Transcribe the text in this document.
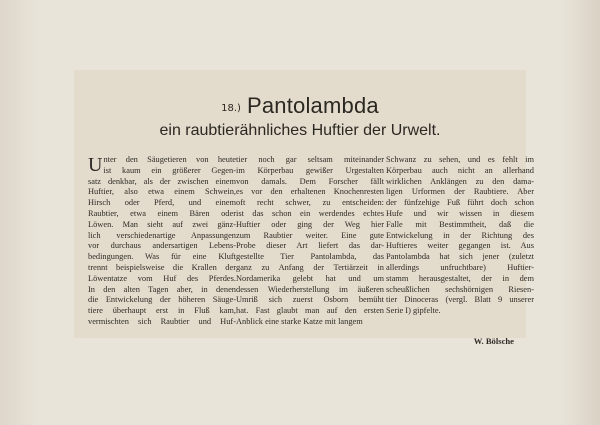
18.) Pantolambda
ein raubtierähnliches Huftier der Urwelt.
U nter den Säugetieren von heute
ist kaum ein größerer Gegen-
satz denkbar, als der zwischen einem
Huftier, also etwa einem Schwein,
Hirsch oder Pferd, und einem
Raubtier, etwa einem Bären oder
Löwen. Man sieht auf zwei gänz-
lich verschiedenartige Anpassungen
vor durchaus andersartigen Lebens-
bedingungen. Was für eine Kluft
trennt beispielsweise die Krallen der
Löwentatze vom Huf des Pferdes.
In den alten Tagen aber, in denen
die Entwickelung der höheren Säuge-
tiere überhaupt erst in Fluß kam,
vermischten sich Raubtier und Huf-
tier noch gar seltsam miteinander
im Körperbau gewißer Urgestalten
von damals. Dem Forscher fällt
es vor den erhaltenen Knochenresten
oft recht schwer, zu entscheiden:
ist das schon ein werdendes echtes
Huftier oder ging der Weg hier
zum Raubtier weiter. Eine gute
Probe dieser Art liefert das dar-
gestellte Tier Pantolambda, das
ganz zu Anfang der Tertiärzeit in
Nordamerika gelebt hat und um
dessen Wiederherstellung im äußeren
Umriß sich zuerst Osborn bemüht
hat. Fast glaubt man auf den ersten
Anblick eine starke Katze mit langem
Schwanz zu sehen, und es fehlt im
Körperbau auch nicht an allerhand
wirklichen Anklängen zu den dama-
ligen Urformen der Raubtiere. Aber
der fünfzehige Fuß führt doch schon
Hufe und wir wissen in diesem
Falle mit Bestimmtheit, daß die
Entwickelung in der Richtung des
Huftieres weiter gegangen ist. Aus
Pantolambda hat sich jener (zuletzt
allerdings unfruchtbare) Huftier-
stamm herausgestaltet, der in dem
scheußlichen sechshörnigen Riesen-
tier Dinoceras (vergl. Blatt 9 unserer
Serie I) gipfelte.
W. Bölsche
